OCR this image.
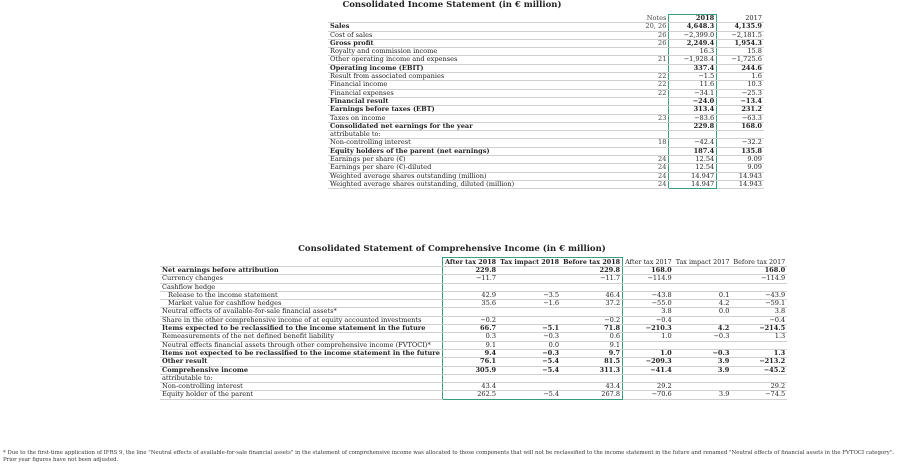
Consolidated Income Statement (in € million)
	Notes	2018	2017
Sales	20, 26	4,648.3	4,135.9
Cost of sales	26	−2,399.0	−2,181.5
Gross profit	26	2,249.4	1,954.3
Royalty and commission income		16.3	15.8
Other operating income and expenses	21	−1,928.4	−1,725.6
Operating income (EBIT)		337.4	244.6
Result from associated companies	22	−1.5	1.6
Financial income	22	11.6	10.3
Financial expenses	22	−34.1	−25.3
Financial result		−24.0	−13.4
Earnings before taxes (EBT)		313.4	231.2
Taxes on income	23	−83.6	−63.3
Consolidated net earnings for the year		229.8	168.0
attributable to:			
Non-controlling interest	18	−42.4	−32.2
Equity holders of the parent (net earnings)		187.4	135.8
Earnings per share (€)	24	12.54	9.09
Earnings per share (€)-diluted	24	12.54	9.09
Weighted average shares outstanding (million)	24	14.947	14.943
Weighted average shares outstanding, diluted (million)	24	14.947	14.943
Consolidated Statement of Comprehensive Income (in € million)
	After tax 2018	Tax impact 2018	Before tax 2018	After tax 2017	Tax impact 2017	Before tax 2017
Net earnings before attribution	229.8		229.8	168.0		168.0
Currency changes	−11.7		−11.7	−114.9		−114.9
Cashflow hedge						
Release to the income statement	42.9	−3.5	46.4	−43.8	0.1	−43.9
Market value for cashflow hedges	35.6	−1.6	37.2	−55.0	4.2	−59.1
Neutral effects of available-for-sale financial assets*				3.8	0.0	3.8
Share in the other comprehensive income of at equity accounted investments	−0.2		−0.2	−0.4		−0.4
Items expected to be reclassified to the income statement in the future	66.7	−5.1	71.8	−210.3	4.2	−214.5
Remeasurements of the net defined benefit liability	0.3	−0.3	0.6	1.0	−0.3	1.3
Neutral effects financial assets through other comprehensive income (FVTOCI)*	9.1	0.0	9.1			
Items not expected to be reclassified to the income statement in the future	9.4	−0.3	9.7	1.0	−0.3	1.3
Other result	76.1	−5.4	81.5	−209.3	3.9	−213.2
Comprehensive income	305.9	−5.4	311.3	−41.4	3.9	−45.2
attributable to:						
Non-controlling interest	43.4		43.4	29.2		29.2
Equity holder of the parent	262.5	−5.4	267.8	−70.6	3.9	−74.5
* Due to the first-time application of IFRS 9, the line "Neutral effects of available-for-sale financial assets" in the statement of comprehensive income was allocated to those components that will not be reclassified to the income statement in the future and renamed "Neutral effects of financial assets in the FVTOCI category". Prior year figures have not been adjusted.
